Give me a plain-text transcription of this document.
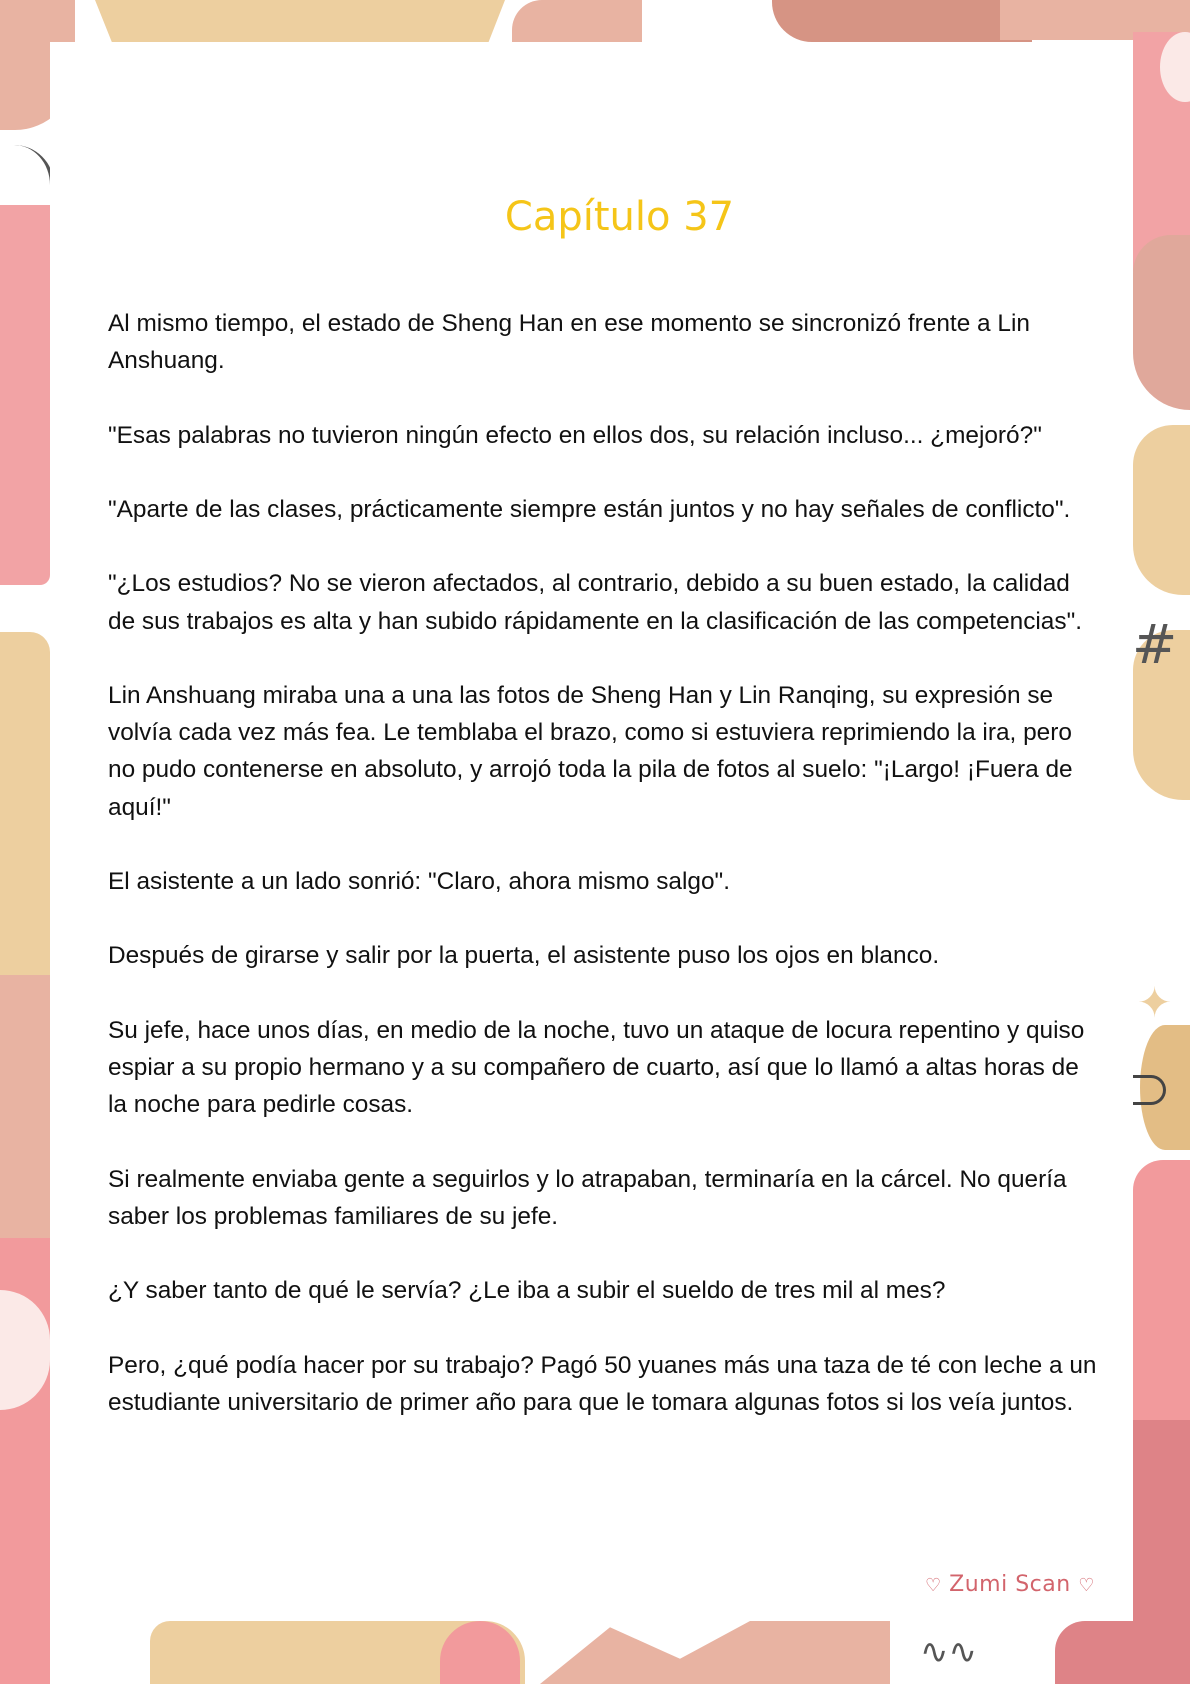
#
✦
∿∿
Capítulo 37

Al mismo tiempo, el estado de Sheng Han en ese momento se sincronizó frente a Lin Anshuang.

"Esas palabras no tuvieron ningún efecto en ellos dos, su relación incluso... ¿mejoró?"

"Aparte de las clases, prácticamente siempre están juntos y no hay señales de conflicto".

"¿Los estudios? No se vieron afectados, al contrario, debido a su buen estado, la calidad de sus trabajos es alta y han subido rápidamente en la clasificación de las competencias".

Lin Anshuang miraba una a una las fotos de Sheng Han y Lin Ranqing, su expresión se volvía cada vez más fea. Le temblaba el brazo, como si estuviera reprimiendo la ira, pero no pudo contenerse en absoluto, y arrojó toda la pila de fotos al suelo: "¡Largo! ¡Fuera de aquí!"

El asistente a un lado sonrió: "Claro, ahora mismo salgo".

Después de girarse y salir por la puerta, el asistente puso los ojos en blanco.

Su jefe, hace unos días, en medio de la noche, tuvo un ataque de locura repentino y quiso espiar a su propio hermano y a su compañero de cuarto, así que lo llamó a altas horas de la noche para pedirle cosas.

Si realmente enviaba gente a seguirlos y lo atrapaban, terminaría en la cárcel. No quería saber los problemas familiares de su jefe.

¿Y saber tanto de qué le servía? ¿Le iba a subir el sueldo de tres mil al mes?

Pero, ¿qué podía hacer por su trabajo? Pagó 50 yuanes más una taza de té con leche a un estudiante universitario de primer año para que le tomara algunas fotos si los veía juntos.

♡ Zumi Scan ♡
